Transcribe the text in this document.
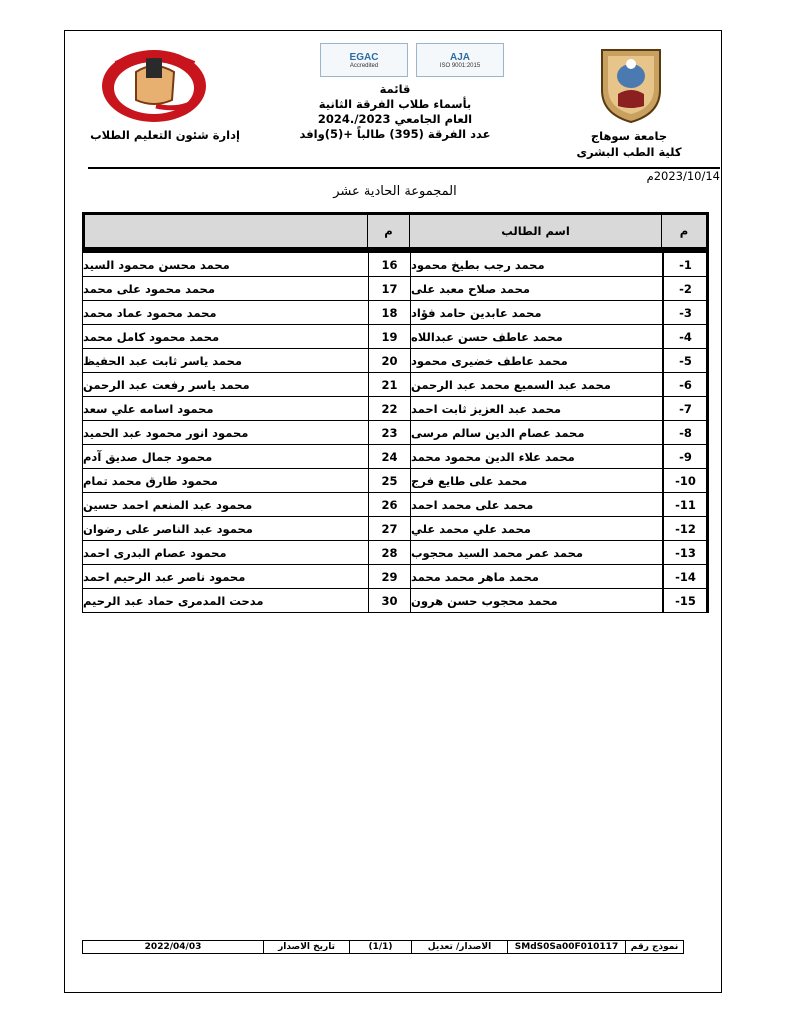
EGAC
Accredited
AJA
ISO 9001:2015
قائمة
بأسماء طلاب الفرقة الثانية
العام الجامعي 2023/.2024
عدد الفرقة (395) طالباً +(5)وافد
إدارة شئون التعليم الطلاب	جامعة سوهاج
كلية الطب البشرى
2023/10/14م
المجموعة الحادية عشر
م
اسم الطالب
م
-1
محمد رجب بطيخ محمود
16
محمد محسن محمود السيد
-2
محمد صلاح معبد على
17
محمد محمود على محمد
-3
محمد عابدين حامد فؤاد
18
محمد محمود عماد محمد
-4
محمد عاطف حسن عبداللاه
19
محمد محمود كامل محمد
-5
محمد عاطف خضيرى محمود
20
محمد ياسر ثابت عبد الحفيظ
-6
محمد عبد السميع محمد عبد الرحمن
21
محمد ياسر رفعت عبد الرحمن
-7
محمد عبد العزيز ثابت احمد
22
محمود اسامه علي سعد
-8
محمد عصام الدين سالم مرسى
23
محمود انور محمود عبد الحميد
-9
محمد علاء الدين محمود محمد
24
محمود جمال صديق آدم
-10
محمد على طايع فرج
25
محمود طارق محمد تمام
-11
محمد على محمد احمد
26
محمود عبد المنعم احمد حسين
-12
محمد علي محمد علي
27
محمود عبد الناصر على رضوان
-13
محمد عمر محمد السيد محجوب
28
محمود عصام البدرى احمد
-14
محمد ماهر محمد محمد
29
محمود ناصر عبد الرحيم احمد
-15
محمد محجوب حسن هرون
30
مدحت المدمرى حماد عبد الرحيم
نموذج رقم
SMdS0Sa00F010117
الاصدار/ تعديل
(1/1)
تاريخ الاصدار
2022/04/03
